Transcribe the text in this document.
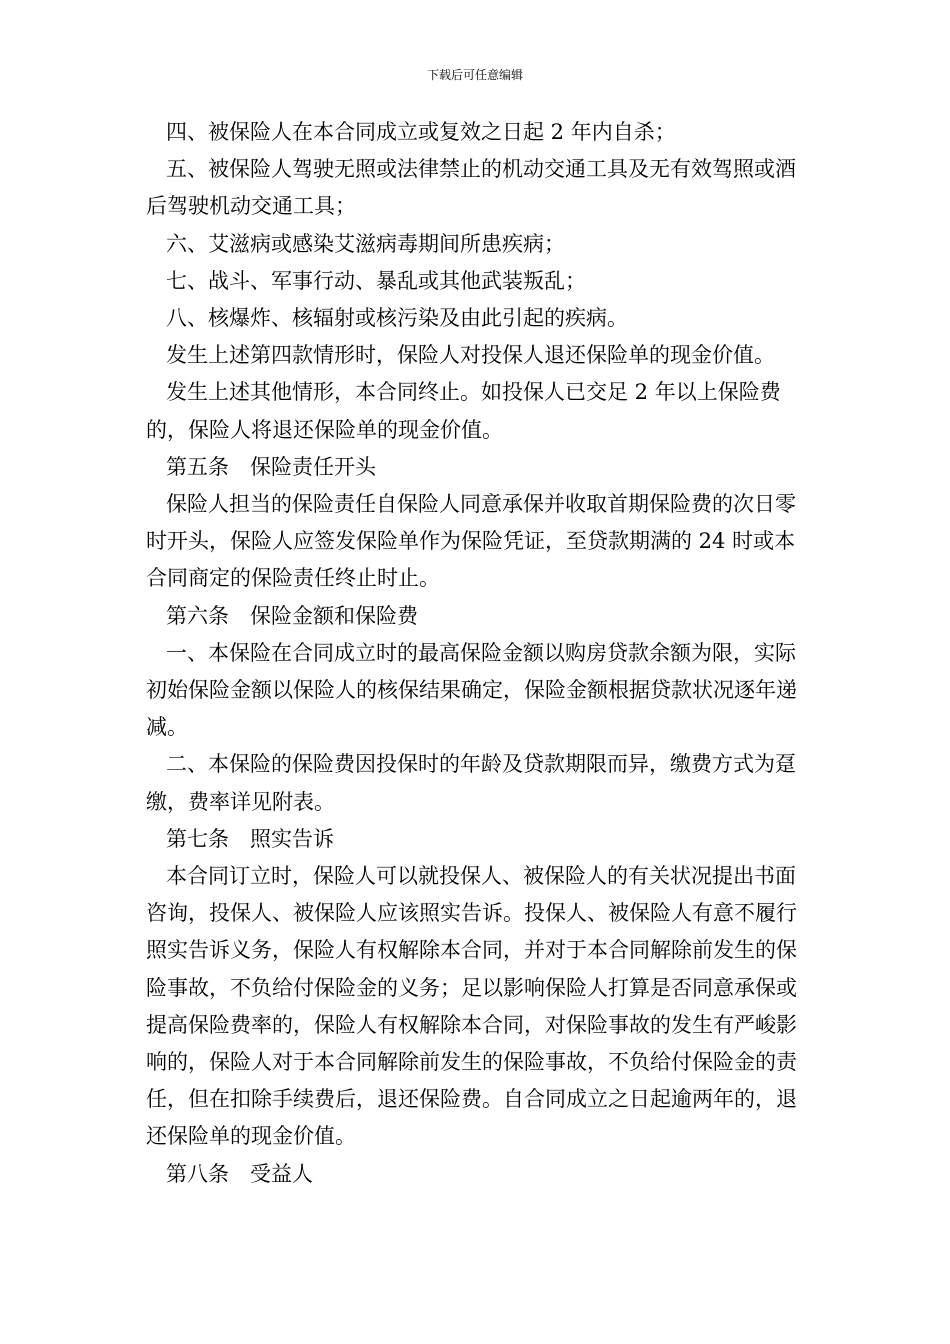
下载后可任意编辑

四、被保险人在本合同成立或复效之日起 2 年内自杀；

五、被保险人驾驶无照或法律禁止的机动交通工具及无有效驾照或酒后驾驶机动交通工具；

六、艾滋病或感染艾滋病毒期间所患疾病；

七、战斗、军事行动、暴乱或其他武装叛乱；

八、核爆炸、核辐射或核污染及由此引起的疾病。

发生上述第四款情形时，保险人对投保人退还保险单的现金价值。

发生上述其他情形，本合同终止。如投保人已交足 2 年以上保险费的，保险人将退还保险单的现金价值。

第五条　保险责任开头

保险人担当的保险责任自保险人同意承保并收取首期保险费的次日零时开头，保险人应签发保险单作为保险凭证，至贷款期满的 24 时或本合同商定的保险责任终止时止。

第六条　保险金额和保险费

一、本保险在合同成立时的最高保险金额以购房贷款余额为限，实际初始保险金额以保险人的核保结果确定，保险金额根据贷款状况逐年递减。

二、本保险的保险费因投保时的年龄及贷款期限而异，缴费方式为趸缴，费率详见附表。

第七条　照实告诉

本合同订立时，保险人可以就投保人、被保险人的有关状况提出书面咨询，投保人、被保险人应该照实告诉。投保人、被保险人有意不履行照实告诉义务，保险人有权解除本合同，并对于本合同解除前发生的保险事故，不负给付保险金的义务；足以影响保险人打算是否同意承保或提高保险费率的，保险人有权解除本合同，对保险事故的发生有严峻影响的，保险人对于本合同解除前发生的保险事故，不负给付保险金的责任，但在扣除手续费后，退还保险费。自合同成立之日起逾两年的，退还保险单的现金价值。

第八条　受益人
